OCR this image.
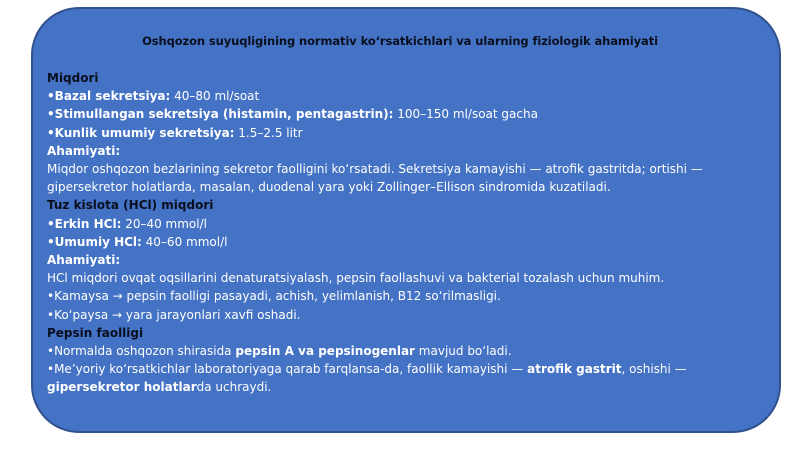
Oshqozon suyuqligining normativ ko‘rsatkichlari va ularning fiziologik ahamiyati
Miqdori
•Bazal sekretsiya: 40–80 ml/soat
•Stimullangan sekretsiya (histamin, pentagastrin): 100–150 ml/soat gacha
•Kunlik umumiy sekretsiya: 1.5–2.5 litr
Ahamiyati:
Miqdor oshqozon bezlarining sekretor faolligini ko‘rsatadi. Sekretsiya kamayishi — atrofik gastritda; ortishi —
gipersekretor holatlarda, masalan, duodenal yara yoki Zollinger–Ellison sindromida kuzatiladi.
Tuz kislota (HCl) miqdori
•Erkin HCl: 20–40 mmol/l
•Umumiy HCl: 40–60 mmol/l
Ahamiyati:
HCl miqdori ovqat oqsillarini denaturatsiyalash, pepsin faollashuvi va bakterial tozalash uchun muhim.
•Kamaysa → pepsin faolligi pasayadi, achish, yelimlanish, B12 so‘rilmasligi.
•Ko‘paysa → yara jarayonlari xavfi oshadi.
Pepsin faolligi
•Normalda oshqozon shirasida pepsin A va pepsinogenlar mavjud bo‘ladi.
•Me’yoriy ko‘rsatkichlar laboratoriyaga qarab farqlansa-da, faollik kamayishi — atrofik gastrit, oshishi —
gipersekretor holatlarda uchraydi.
